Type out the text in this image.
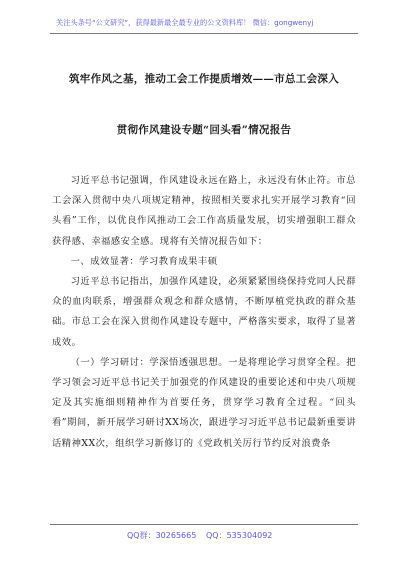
关注头条号“公文研究”，获得最新最全最专业的公文资料库！ 微信：gongwenyj
筑牢作风之基，推动工会工作提质增效——市总工会深入
贯彻作风建设专题“回头看”情况报告

习近平总书记强调，作风建设永远在路上，永远没有休止符。市总工会深入贯彻中央八项规定精神，按照相关要求扎实开展学习教育“回头看”工作，以优良作风推动工会工作高质量发展，切实增强职工群众获得感、幸福感安全感。现将有关情况报告如下：

一、成效显著：学习教育成果丰硕

习近平总书记指出，加强作风建设，必须紧紧围绕保持党同人民群众的血肉联系，增强群众观念和群众感情，不断厚植党执政的群众基础。市总工会在深入贯彻作风建设专题中，严格落实要求，取得了显著成效。

（一）学习研讨：学深悟透强思想。一是将理论学习贯穿全程。把学习领会习近平总书记关于加强党的作风建设的重要论述和中央八项规定及其实施细则精神作为首要任务，贯穿学习教育全过程。“回头看”期间，新开展学习研讨XX场次，跟进学习习近平总书记最新重要讲话精神XX次，组织学习新修订的《党政机关厉行节约反对浪费条

QQ群：30265665 QQ：535304092
